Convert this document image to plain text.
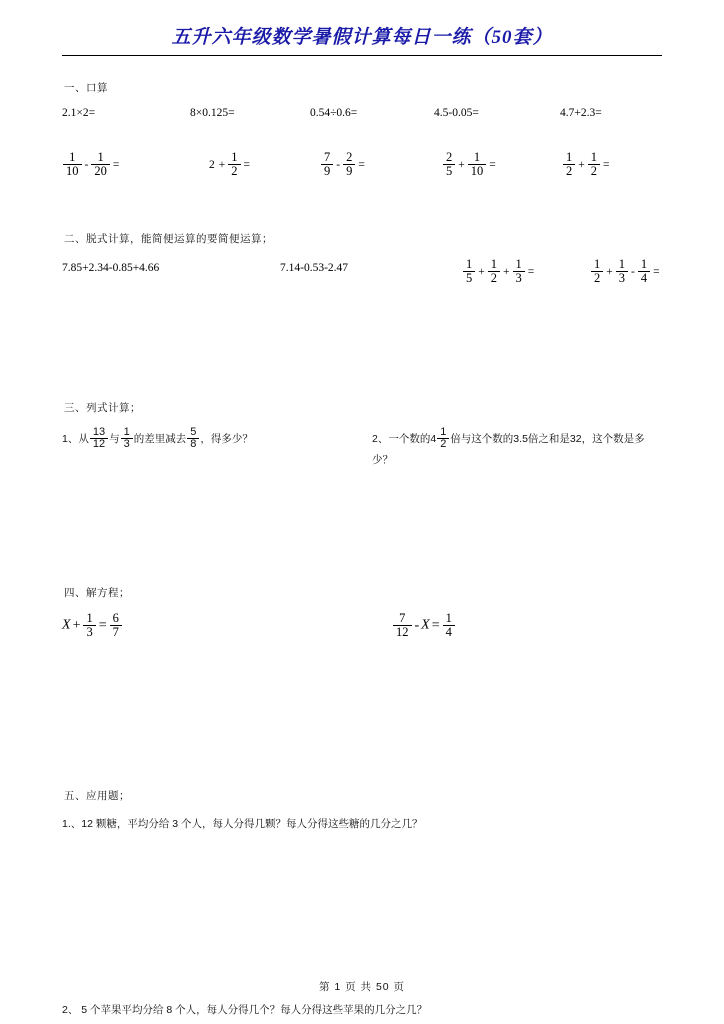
五升六年级数学暑假计算每日一练（50套）
一、口算
2.1×2=	8×0.125=	0.54÷0.6=	4.5-0.05=	4.7+2.3=
$\frac{1}{10} - \frac{1}{20}$ =	$2 + \frac{1}{2}$ =	$\frac{7}{9} - \frac{2}{9}$ =	$\frac{2}{5} + \frac{1}{10}$ =	$\frac{1}{2} + \frac{1}{2}$ =
二、脱式计算，能简便运算的要简便运算；
7.85+2.34-0.85+4.66	7.14-0.53-2.47	$\frac{1}{5} + \frac{1}{2} + \frac{1}{3}$ =	$\frac{1}{2} + \frac{1}{3} - \frac{1}{4}$ =
三、列式计算；
1、从 $\frac{13}{12}$ 与 $\frac{1}{3}$ 的差里减去 $\frac{5}{8}$ ，得多少？	2、一个数的$4 \frac{1}{2}$ 倍与这个数的3.5倍之和是32，这个数是多少？
四、解方程；
$X + \frac{1}{3} = \frac{6}{7}$	$\frac{7}{12} - X = \frac{1}{4}$
五、应用题；
1.、12 颗糖，平均分给 3 个人，每人分得几颗？每人分得这些糖的几分之几？
2、 5 个苹果平均分给 8 个人，每人分得几个？每人分得这些苹果的几分之几？
第 1 页 共 50 页
